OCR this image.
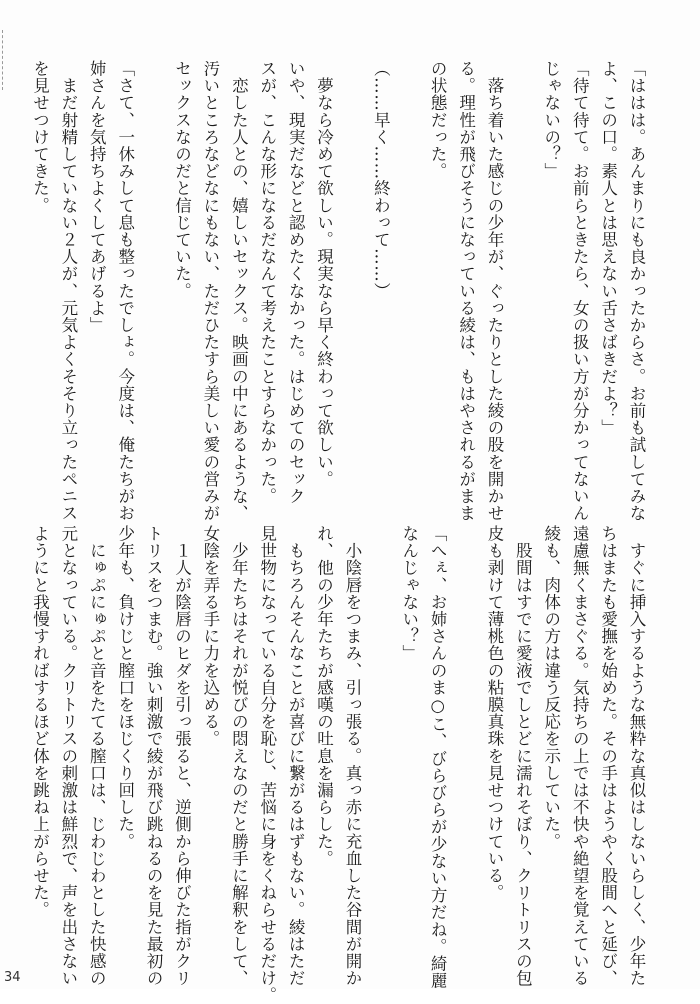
「ははは。あんまりにも良かったからさ。お前も試してみな
よ、この口。素人とは思えない舌さばきだよ？」
「待て待て。お前らときたら、女の扱い方が分かってないん
じゃないの？」

　落ち着いた感じの少年が、ぐったりとした綾の股を開かせ
る。理性が飛びそうになっている綾は、もはやされるがまま
の状態だった。

（……早く……終わって……）

　夢なら冷めて欲しい。現実なら早く終わって欲しい。
いや、現実だなどと認めたくなかった。はじめてのセック
スが、こんな形になるだなんて考えたことすらなかった。
　恋した人との、嬉しいセックス。映画の中にあるような、
汚いところなどなにもない、ただひたすら美しい愛の営みが
セックスなのだと信じていた。

「さて、一休みして息も整ったでしょ。今度は、俺たちがお
姉さんを気持ちよくしてあげるよ」
　まだ射精していない２人が、元気よくそそり立ったペニス
を見せつけてきた。
　すぐに挿入するような無粋な真似はしないらしく、少年た
ちはまたも愛撫を始めた。その手はようやく股間へと延び、
遠慮無くまさぐる。気持ちの上では不快や絶望を覚えている
綾も、肉体の方は違う反応を示していた。
　股間はすでに愛液でしとどに濡れそぼり、クリトリスの包
皮も剥けて薄桃色の粘膜真珠を見せつけている。

「へぇ、お姉さんのま○こ、びらびらが少ない方だね。綺麗
なんじゃない？」

　小陰唇をつまみ、引っ張る。真っ赤に充血した谷間が開か
れ、他の少年たちが感嘆の吐息を漏らした。
　もちろんそんなことが喜びに繋がるはずもない。綾はただ
見世物になっている自分を恥じ、苦悩に身をくねらせるだけ。
　少年たちはそれが悦びの悶えなのだと勝手に解釈をして、
女陰を弄る手に力を込める。
　１人が陰唇のヒダを引っ張ると、逆側から伸びた指がクリ
トリスをつまむ。強い刺激で綾が飛び跳ねるのを見た最初の
少年も、負けじと膣口をほじくり回した。
　にゅぷにゅぷと音をたてる膣口は、じわじわとした快感の
元となっている。クリトリスの刺激は鮮烈で、声を出さない
ようにと我慢すればするほど体を跳ね上がらせた。
34
